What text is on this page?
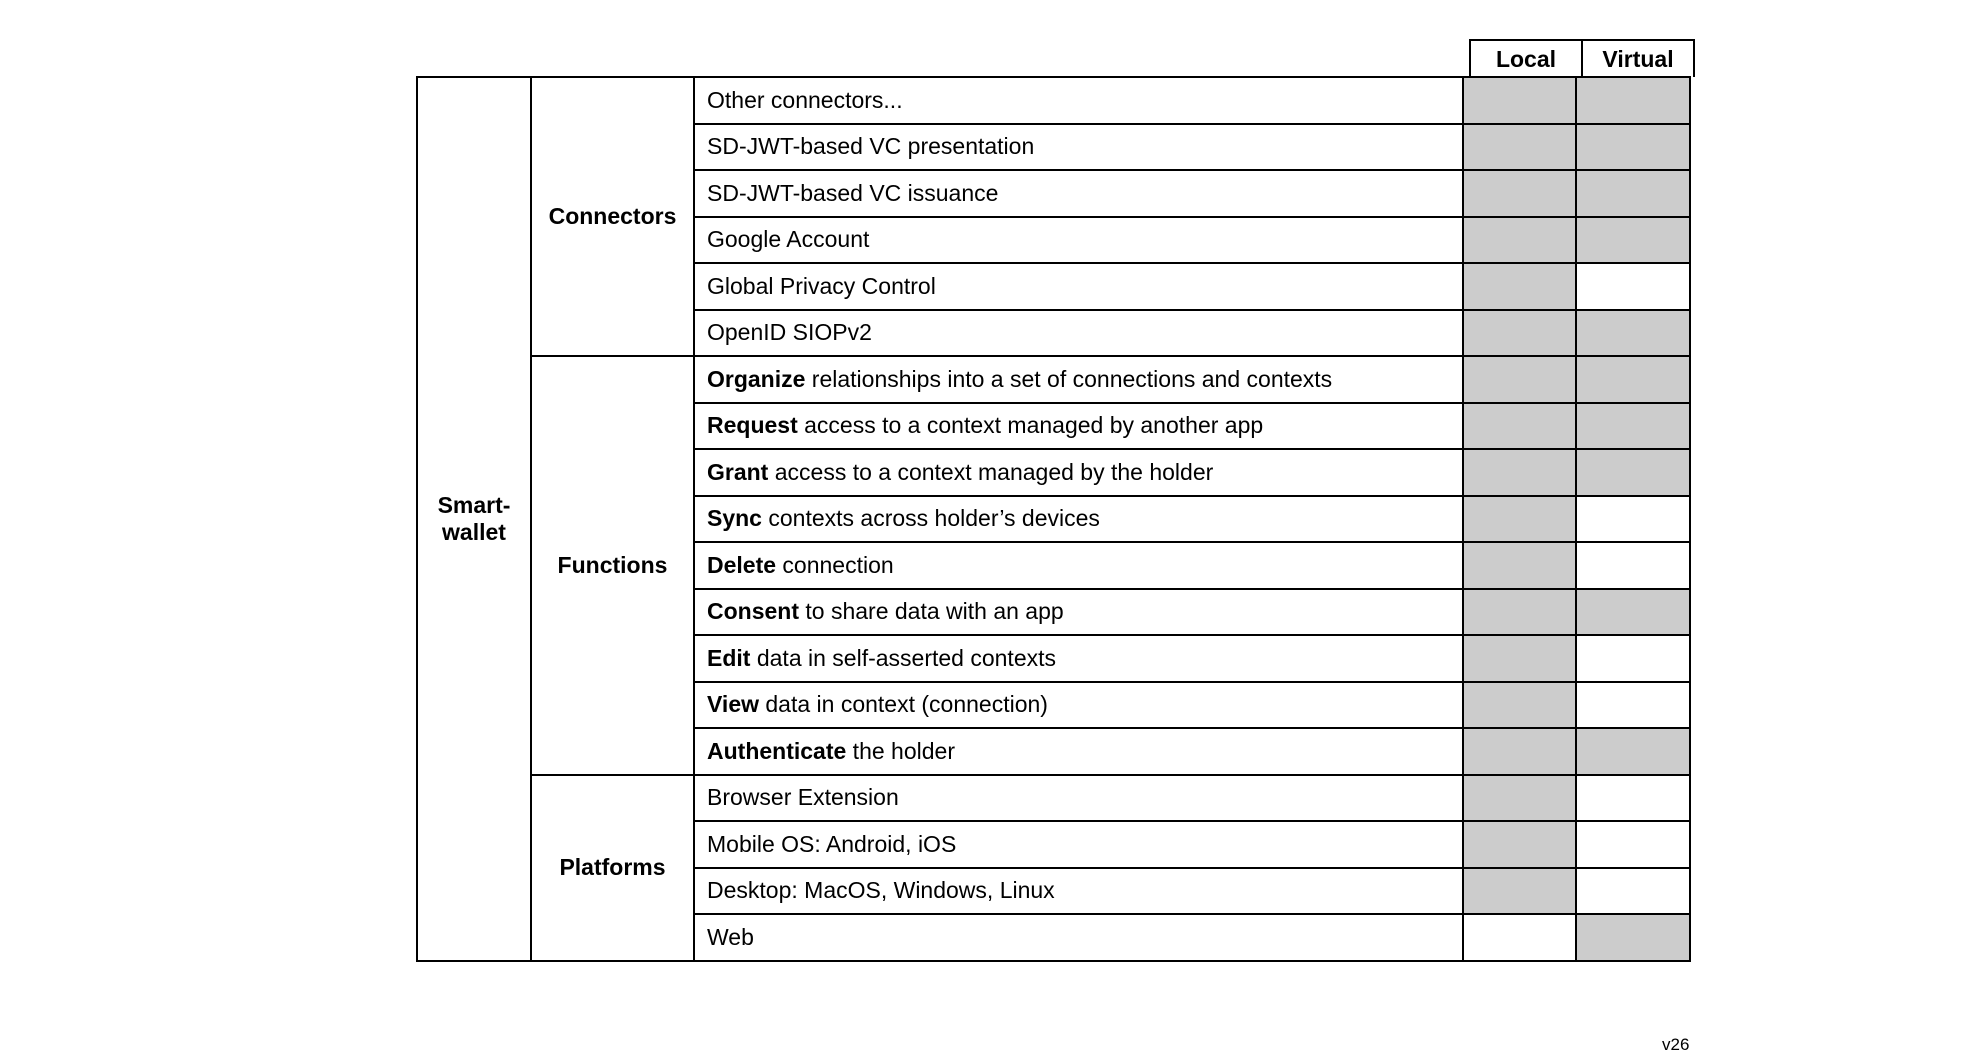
Local	Virtual
Smart-
wallet	Connectors	Other connectors...		
		SD-JWT-based VC presentation		
		SD-JWT-based VC issuance		
		Google Account		
		Global Privacy Control		
		OpenID SIOPv2		
	Functions	Organize relationships into a set of connections and contexts		
		Request access to a context managed by another app		
		Grant access to a context managed by the holder		
		Sync contexts across holder’s devices		
		Delete connection		
		Consent to share data with an app		
		Edit data in self-asserted contexts		
		View data in context (connection)		
		Authenticate the holder		
	Platforms	Browser Extension		
		Mobile OS: Android, iOS		
		Desktop: MacOS, Windows, Linux		
		Web		
v26
